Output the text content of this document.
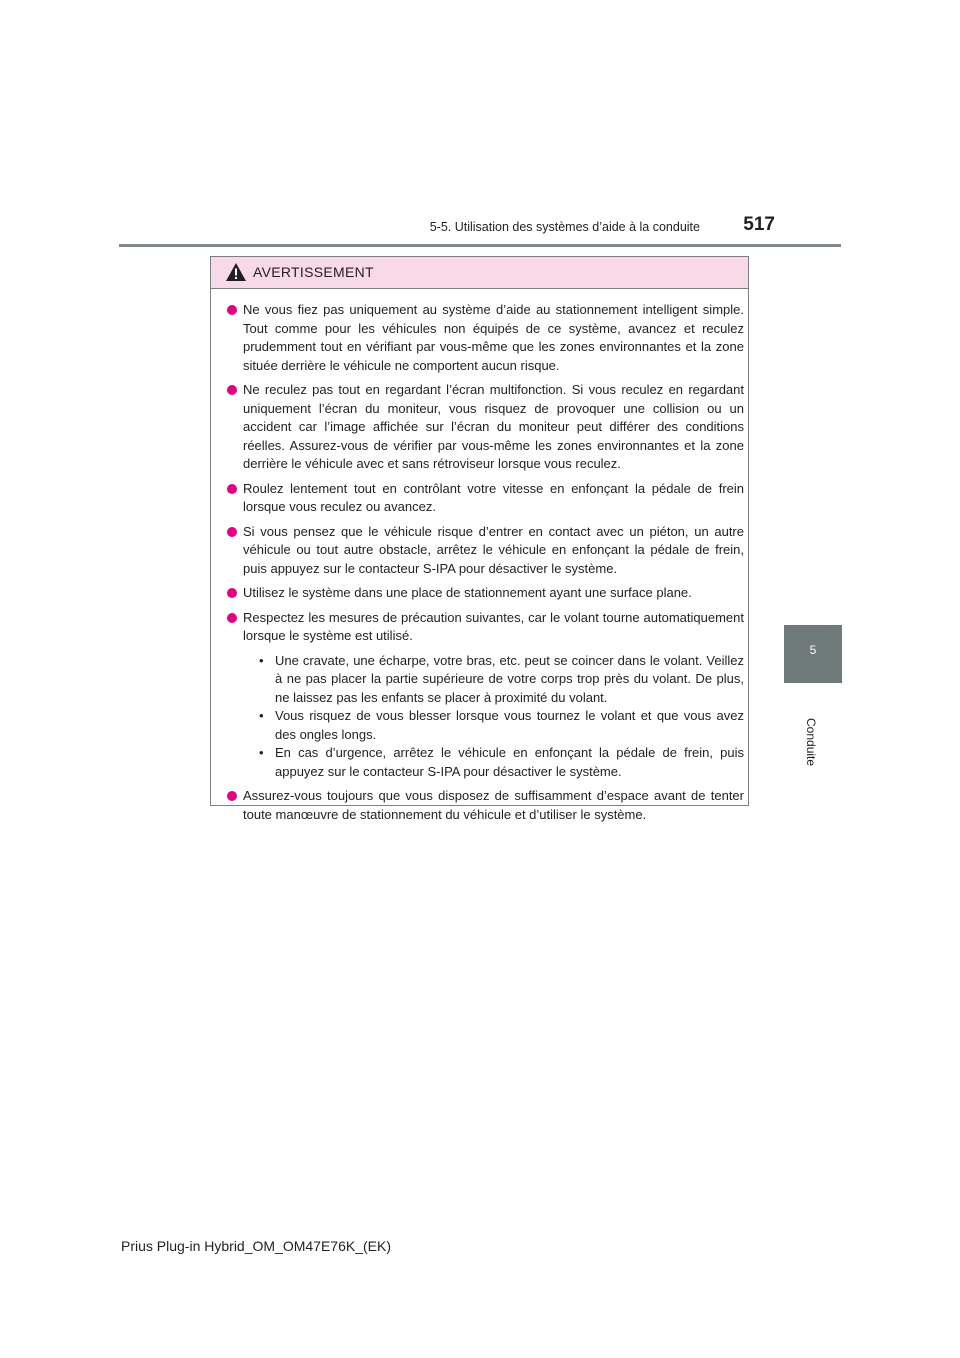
5-5. Utilisation des systèmes d’aide à la conduite	517
5
Conduite
AVERTISSEMENT
Ne vous fiez pas uniquement au système d’aide au stationnement intelligent simple. Tout comme pour les véhicules non équipés de ce système, avancez et reculez prudemment tout en vérifiant par vous-même que les zones environnantes et la zone située derrière le véhicule ne comportent aucun risque.
Ne reculez pas tout en regardant l’écran multifonction. Si vous reculez en regardant uniquement l’écran du moniteur, vous risquez de provoquer une collision ou un accident car l’image affichée sur l’écran du moniteur peut différer des conditions réelles. Assurez-vous de vérifier par vous-même les zones environnantes et la zone derrière le véhicule avec et sans rétroviseur lorsque vous reculez.
Roulez lentement tout en contrôlant votre vitesse en enfonçant la pédale de frein lorsque vous reculez ou avancez.
Si vous pensez que le véhicule risque d’entrer en contact avec un piéton, un autre véhicule ou tout autre obstacle, arrêtez le véhicule en enfonçant la pédale de frein, puis appuyez sur le contacteur S-IPA pour désactiver le système.
Utilisez le système dans une place de stationnement ayant une surface plane.
Respectez les mesures de précaution suivantes, car le volant tourne automatiquement lorsque le système est utilisé.
• Une cravate, une écharpe, votre bras, etc. peut se coincer dans le volant. Veillez à ne pas placer la partie supérieure de votre corps trop près du volant. De plus, ne laissez pas les enfants se placer à proximité du volant.
• Vous risquez de vous blesser lorsque vous tournez le volant et que vous avez des ongles longs.
• En cas d’urgence, arrêtez le véhicule en enfonçant la pédale de frein, puis appuyez sur le contacteur S-IPA pour désactiver le système.
Assurez-vous toujours que vous disposez de suffisamment d’espace avant de tenter toute manœuvre de stationnement du véhicule et d’utiliser le système.
Prius Plug-in Hybrid_OM_OM47E76K_(EK)
